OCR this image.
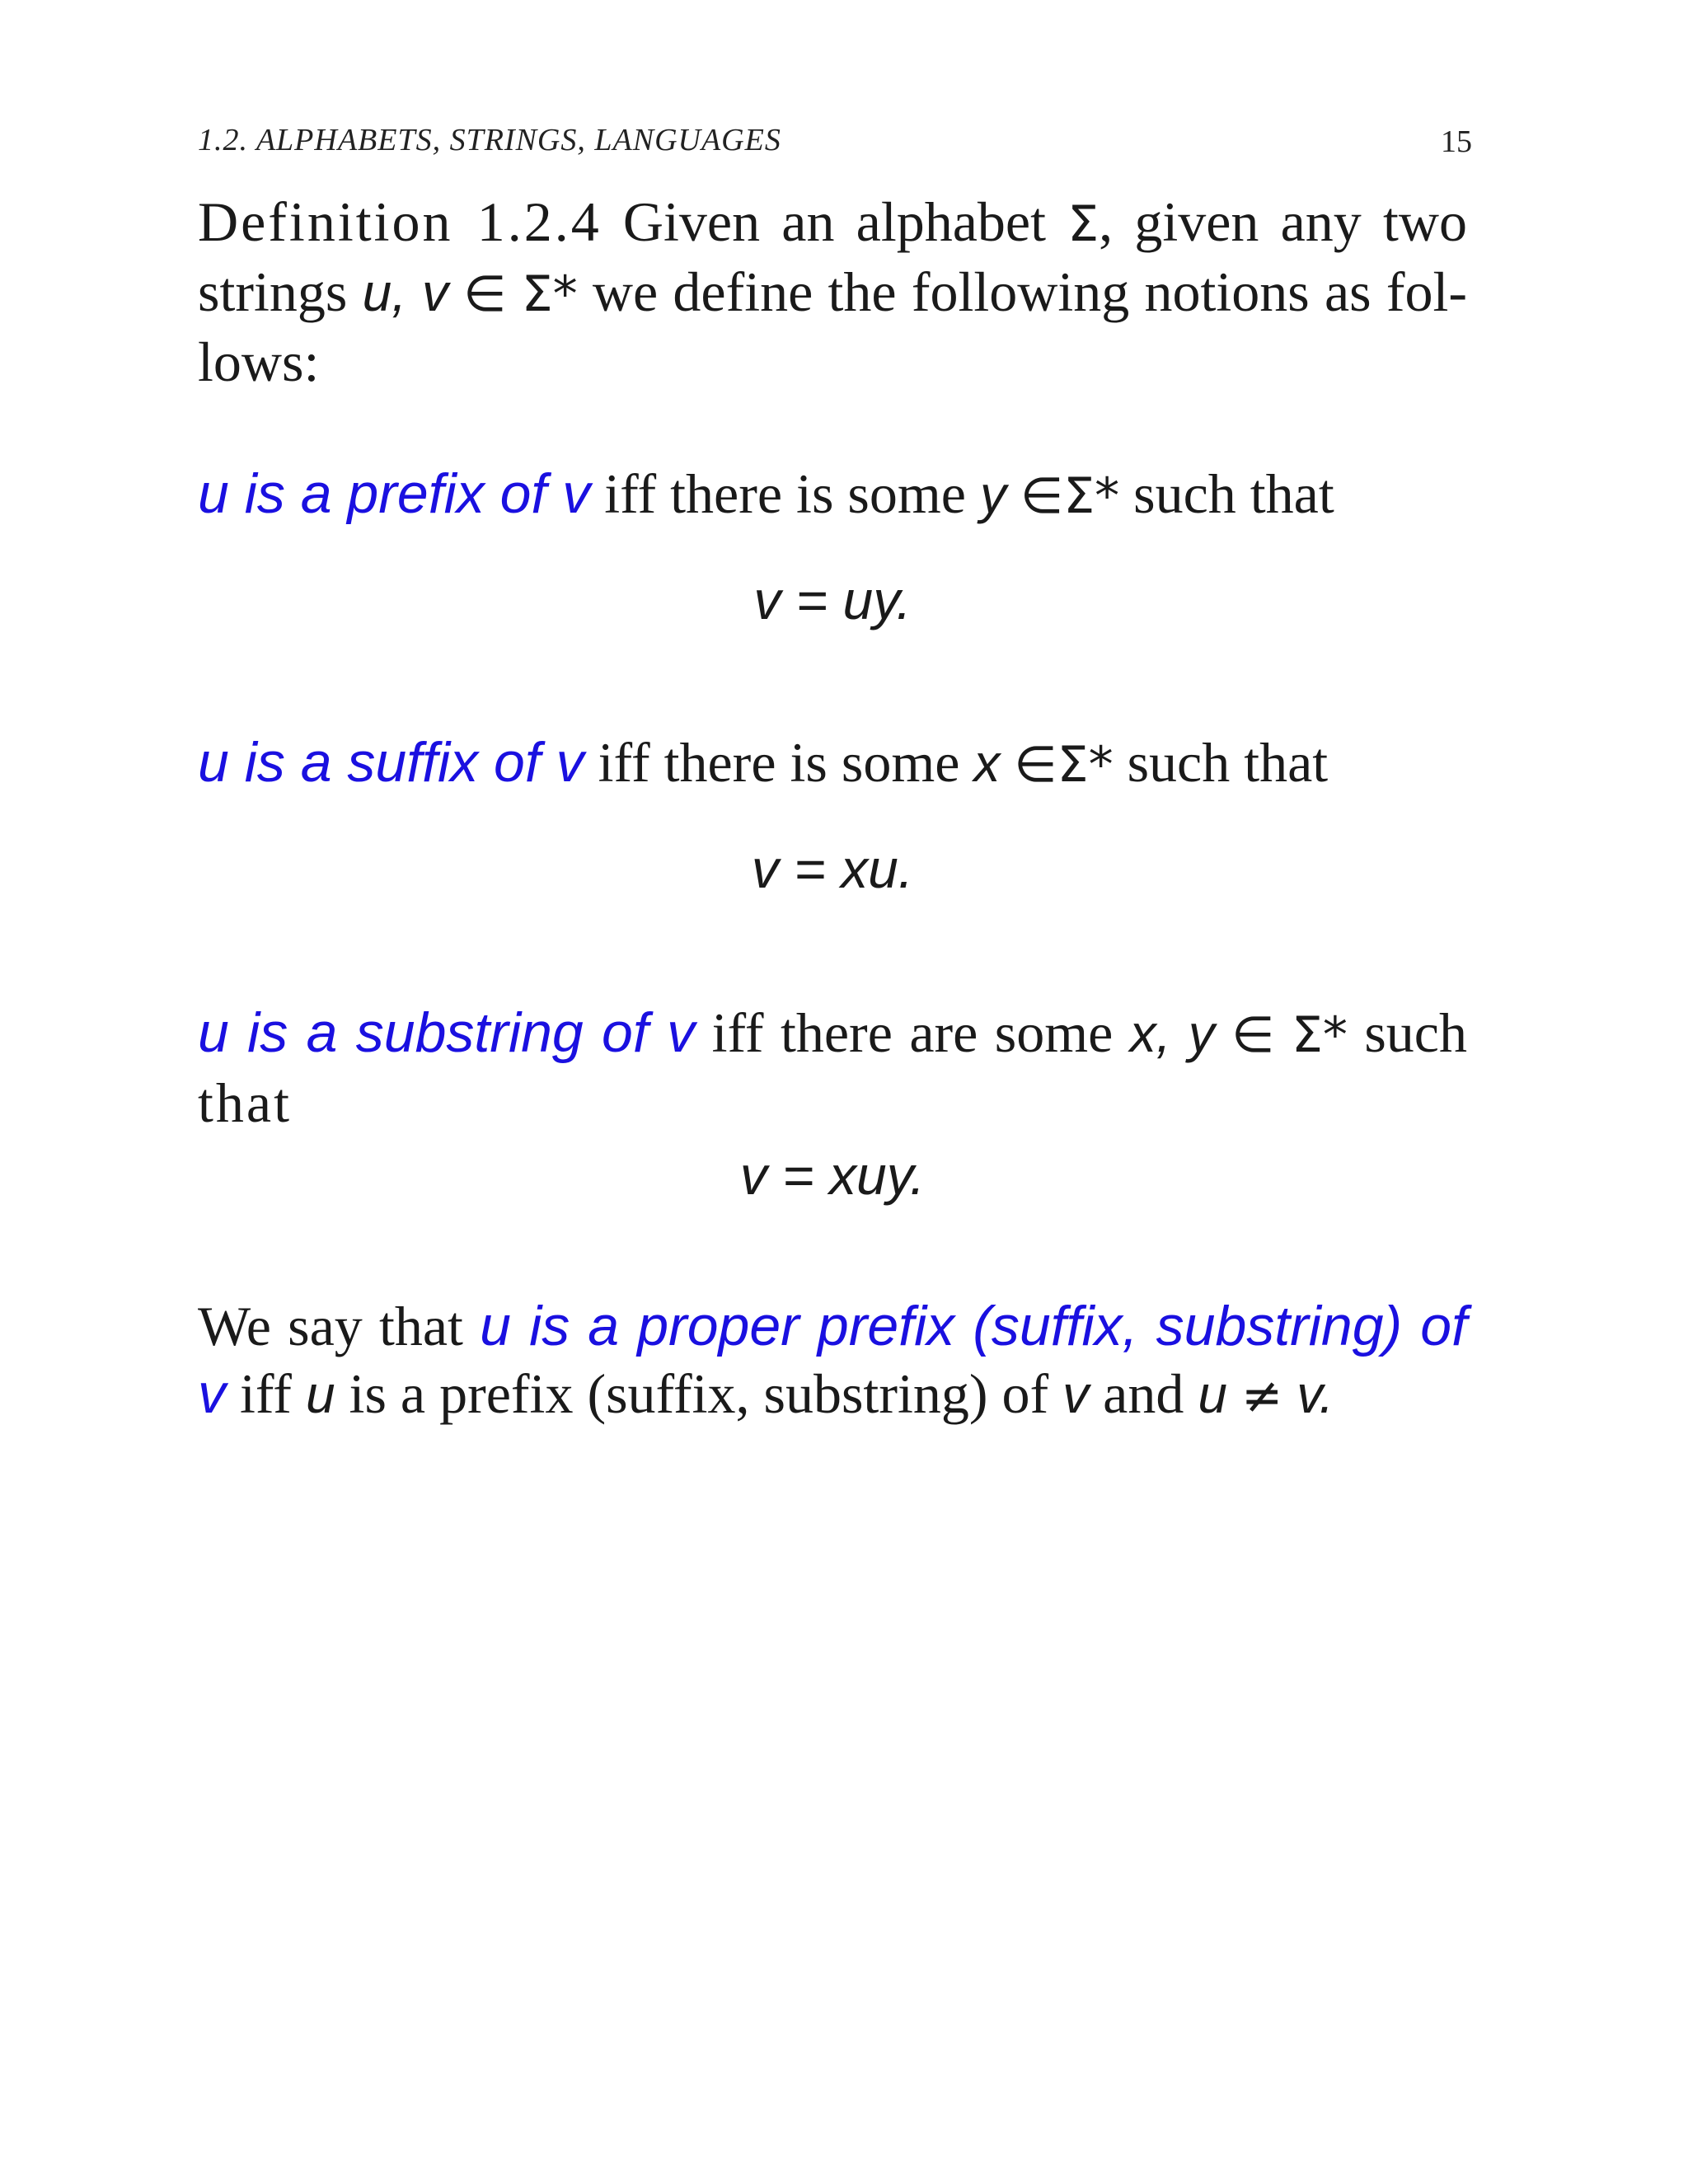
1.2. ALPHABETS, STRINGS, LANGUAGES	15
Definition 1.2.4 Given an alphabet Σ, given any two strings u, v ∈ Σ* we define the following notions as fol-lows:
u is a prefix of v iff there is some y ∈Σ* such that
v = uy.
u is a suffix of v iff there is some x ∈Σ* such that
v = xu.
u is a substring of v iff there are some x, y ∈ Σ* such that
v = xuy.
We say that u is a proper prefix (suffix, substring) of v iff u is a prefix (suffix, substring) of v and u ≠ v.
